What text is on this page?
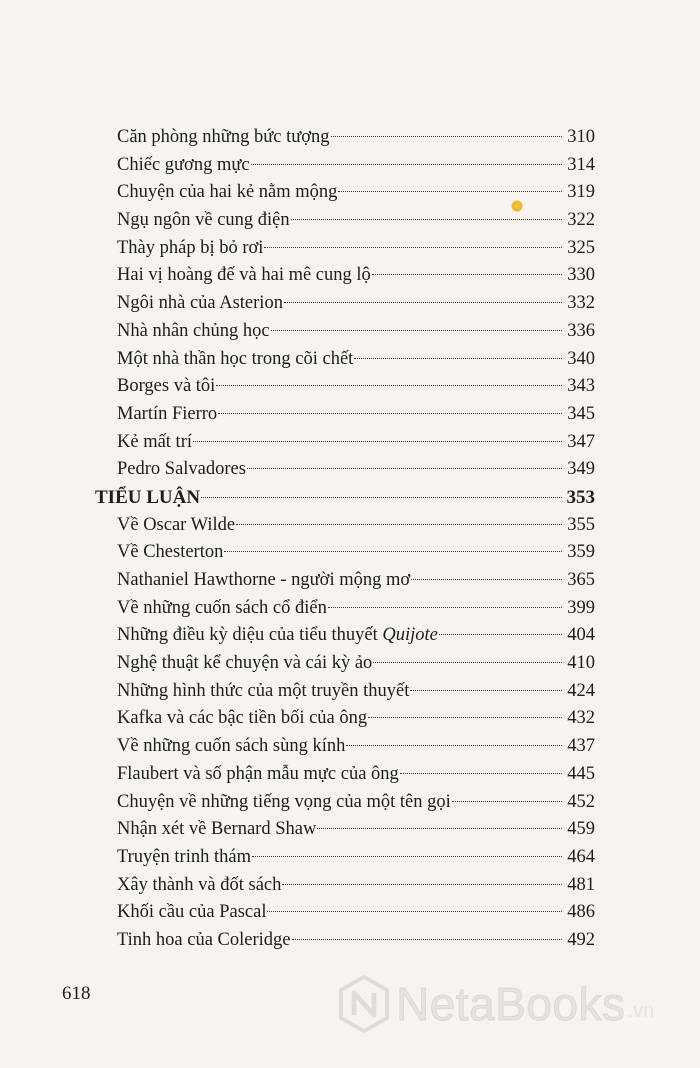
Căn phòng những bức tượng	310
Chiếc gương mực	314
Chuyện của hai kẻ nằm mộng	319
Ngụ ngôn về cung điện	322
Thày pháp bị bỏ rơi	325
Hai vị hoàng đế và hai mê cung lộ	330
Ngôi nhà của Asterion	332
Nhà nhân chủng học	336
Một nhà thần học trong cõi chết	340
Borges và tôi	343
Martín Fierro	345
Kẻ mất trí	347
Pedro Salvadores	349
TIỂU LUẬN	353
Về Oscar Wilde	355
Về Chesterton	359
Nathaniel Hawthorne - người mộng mơ	365
Về những cuốn sách cổ điển	399
Những điều kỳ diệu của tiểu thuyết Quijote	404
Nghệ thuật kể chuyện và cái kỳ ảo	410
Những hình thức của một truyền thuyết	424
Kafka và các bậc tiền bối của ông	432
Về những cuốn sách sùng kính	437
Flaubert và số phận mẫu mực của ông	445
Chuyện về những tiếng vọng của một tên gọi	452
Nhận xét về Bernard Shaw	459
Truyện trinh thám	464
Xây thành và đốt sách	481
Khối cầu của Pascal	486
Tinh hoa của Coleridge	492
618	NetaBooks .vn
